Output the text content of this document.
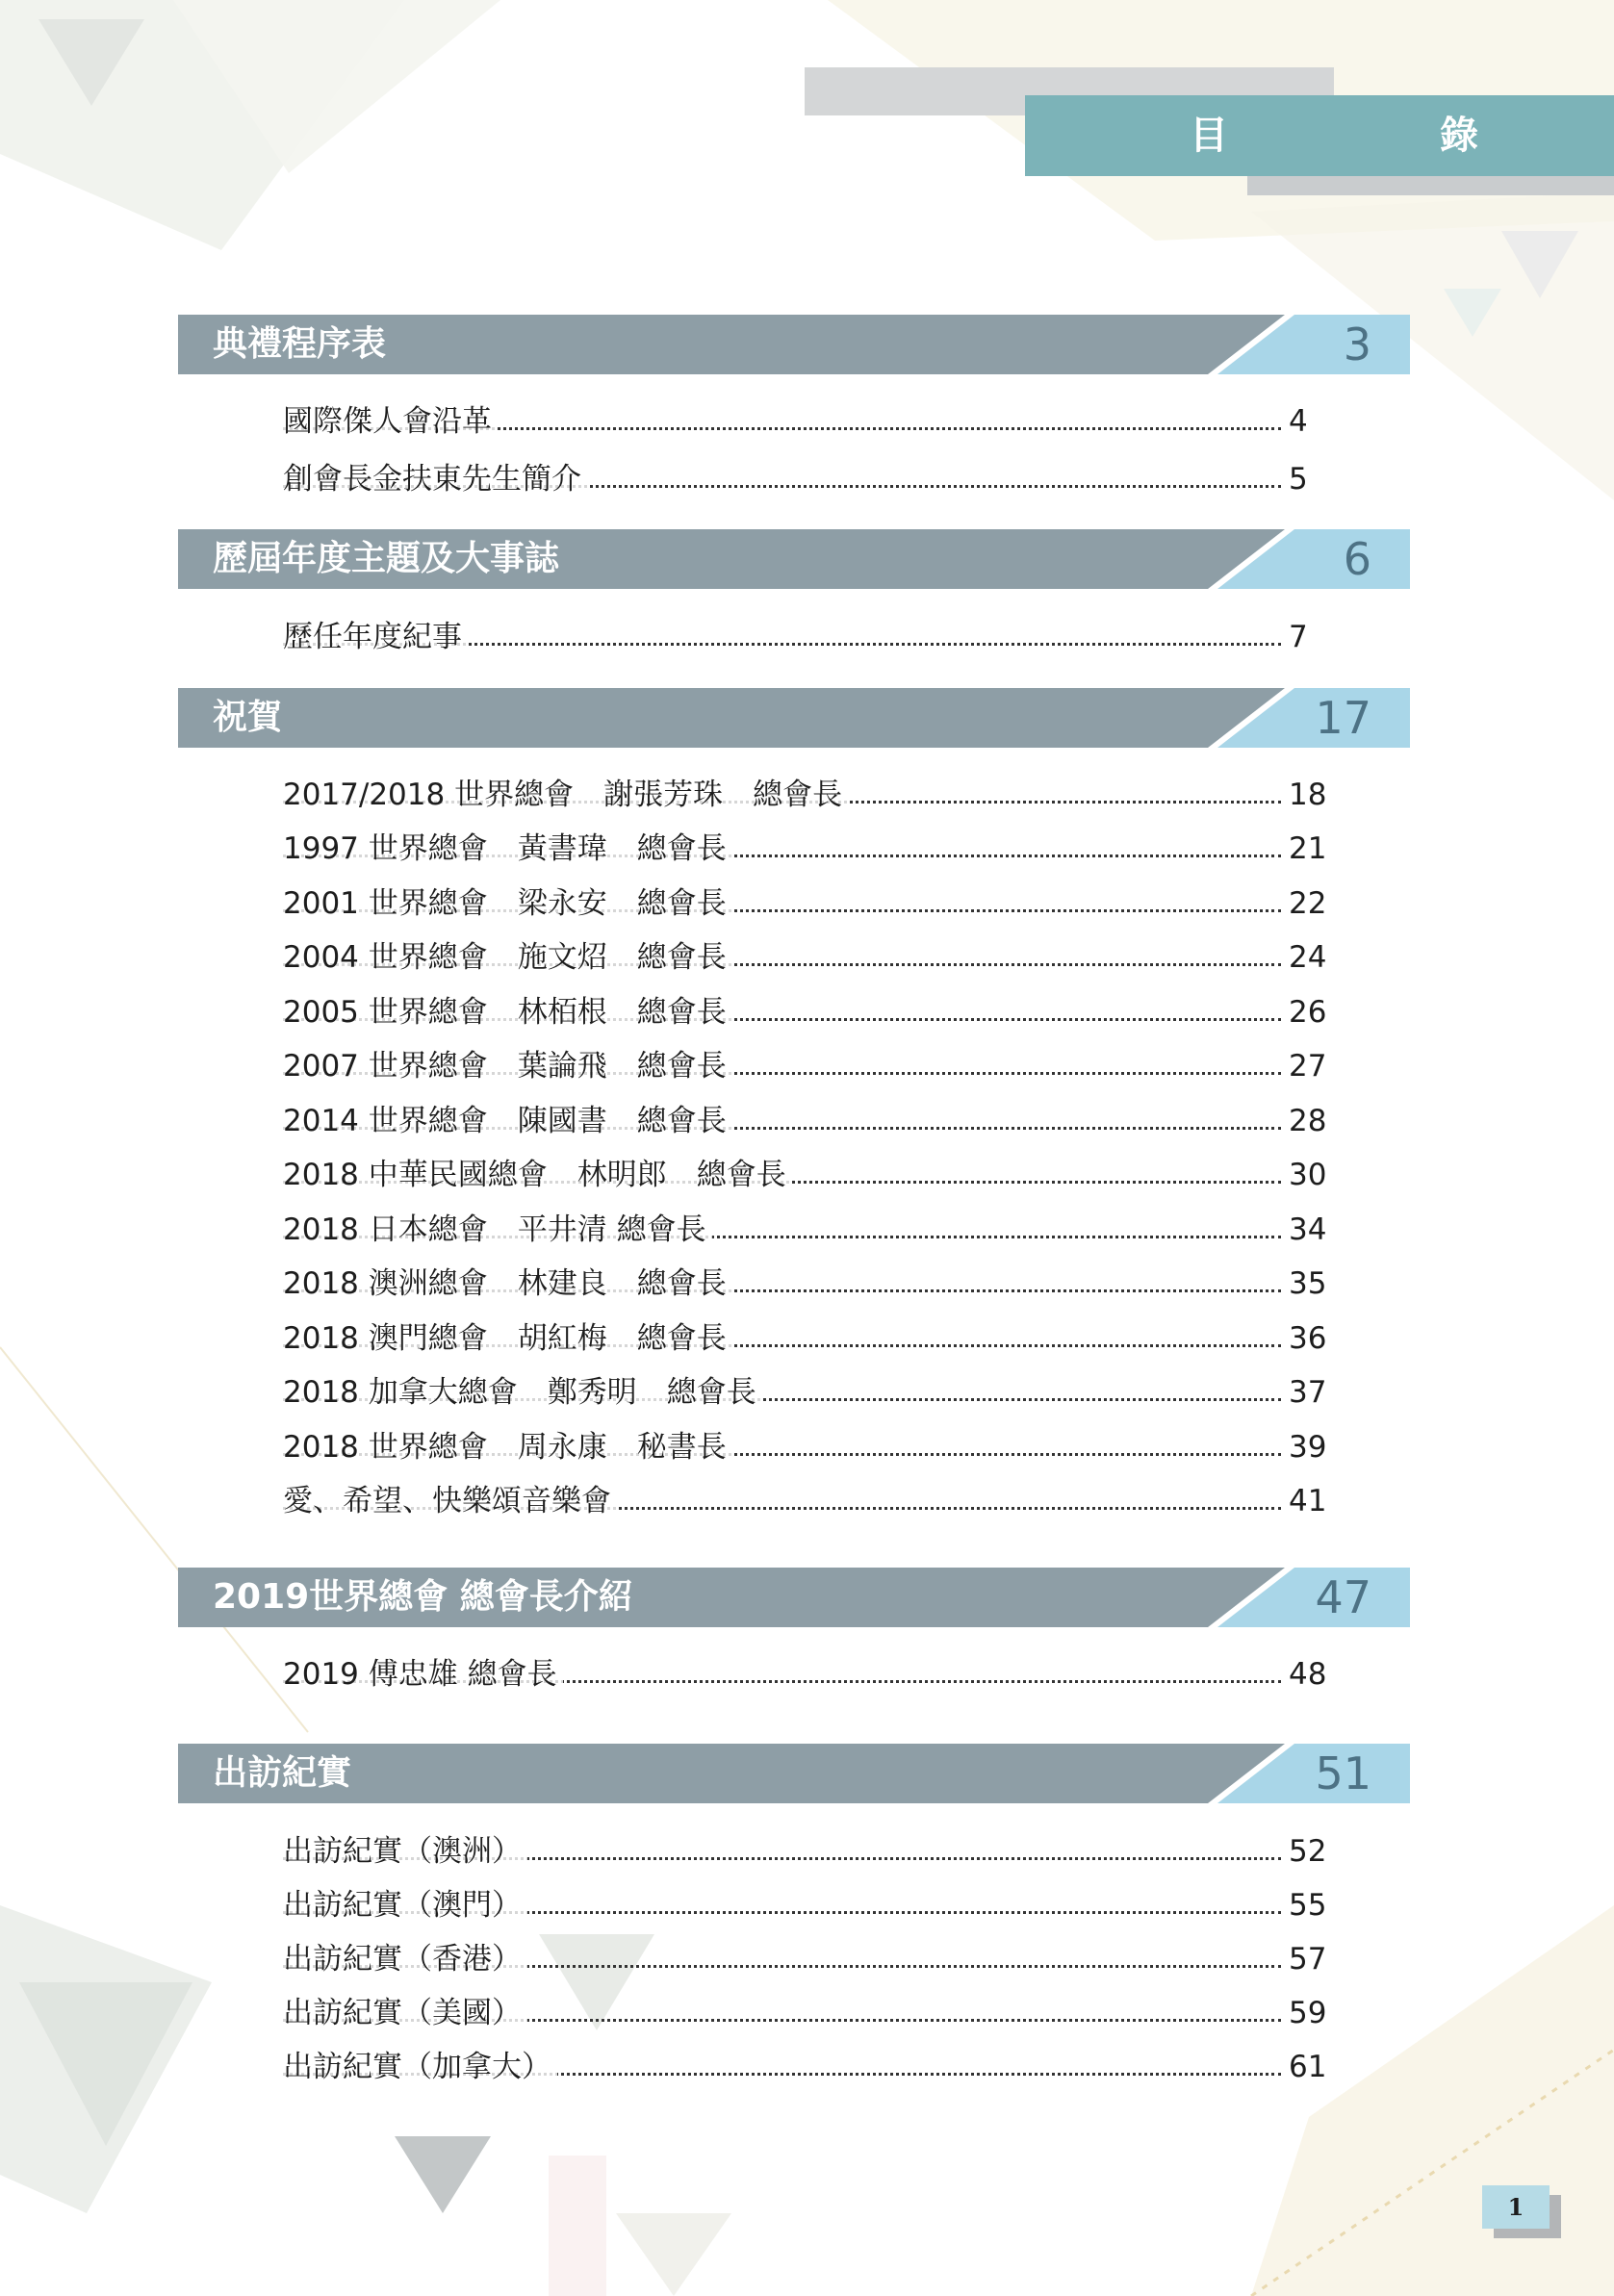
目　錄
典禮程序表	3
國際傑人會沿革	4
創會長金扶東先生簡介	5
歷屆年度主題及大事誌	6
歷任年度紀事	7
祝賀	17
2017/2018 世界總會　謝張芳珠　總會長	18
1997 世界總會　黃書瑋　總會長	21
2001 世界總會　梁永安　總會長	22
2004 世界總會　施文炤　總會長	24
2005 世界總會　林栢根　總會長	26
2007 世界總會　葉論飛　總會長	27
2014 世界總會　陳國書　總會長	28
2018 中華民國總會　林明郎　總會長	30
2018 日本總會　平井清 總會長	34
2018 澳洲總會　林建良　總會長	35
2018 澳門總會　胡紅梅　總會長	36
2018 加拿大總會　鄭秀明　總會長	37
2018 世界總會　周永康　秘書長	39
愛、希望、快樂頌音樂會	41
2019世界總會 總會長介紹	47
2019 傅忠雄 總會長	48
出訪紀實	51
出訪紀實（澳洲）	52
出訪紀實（澳門）	55
出訪紀實（香港）	57
出訪紀實（美國）	59
出訪紀實（加拿大）	61
1
